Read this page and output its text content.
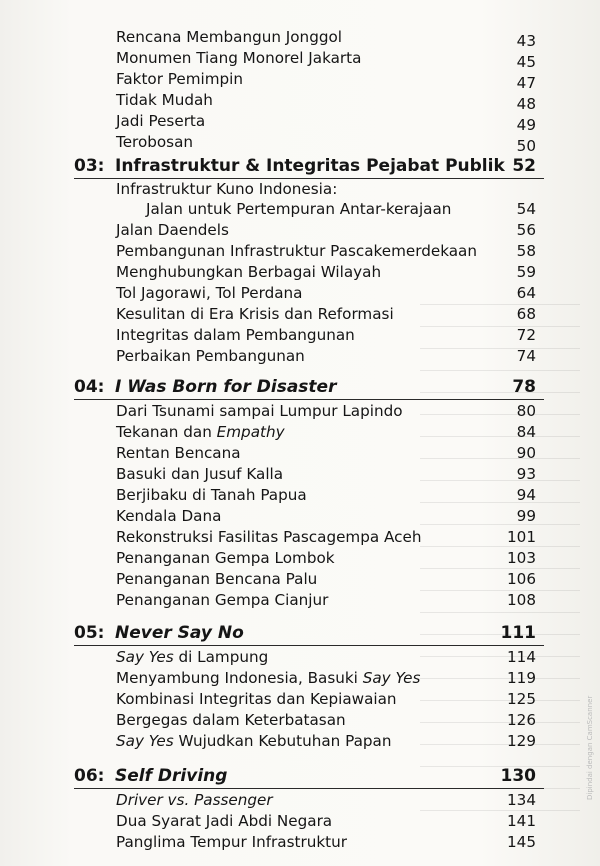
Rencana Membangun Jonggol	43
Monumen Tiang Monorel Jakarta	45
Faktor Pemimpin	47
Tidak Mudah	48
Jadi Peserta	49
Terobosan	50
03: Infrastruktur & Integritas Pejabat Publik 52
Infrastruktur Kuno Indonesia:
Jalan untuk Pertempuran Antar-kerajaan	54
Jalan Daendels	56
Pembangunan Infrastruktur Pascakemerdekaan	58
Menghubungkan Berbagai Wilayah	59
Tol Jagorawi, Tol Perdana	64
Kesulitan di Era Krisis dan Reformasi	68
Integritas dalam Pembangunan	72
Perbaikan Pembangunan	74
04: I Was Born for Disaster	78
Dari Tsunami sampai Lumpur Lapindo	80
Tekanan dan Empathy	84
Rentan Bencana	90
Basuki dan Jusuf Kalla	93
Berjibaku di Tanah Papua	94
Kendala Dana	99
Rekonstruksi Fasilitas Pascagempa Aceh	101
Penanganan Gempa Lombok	103
Penanganan Bencana Palu	106
Penanganan Gempa Cianjur	108
05: Never Say No	111
Say Yes di Lampung	114
Menyambung Indonesia, Basuki Say Yes	119
Kombinasi Integritas dan Kepiawaian	125
Bergegas dalam Keterbatasan	126
Say Yes Wujudkan Kebutuhan Papan	129
06: Self Driving	130
Driver vs. Passenger	134
Dua Syarat Jadi Abdi Negara	141
Panglima Tempur Infrastruktur	145
Dipindai dengan CamScanner
